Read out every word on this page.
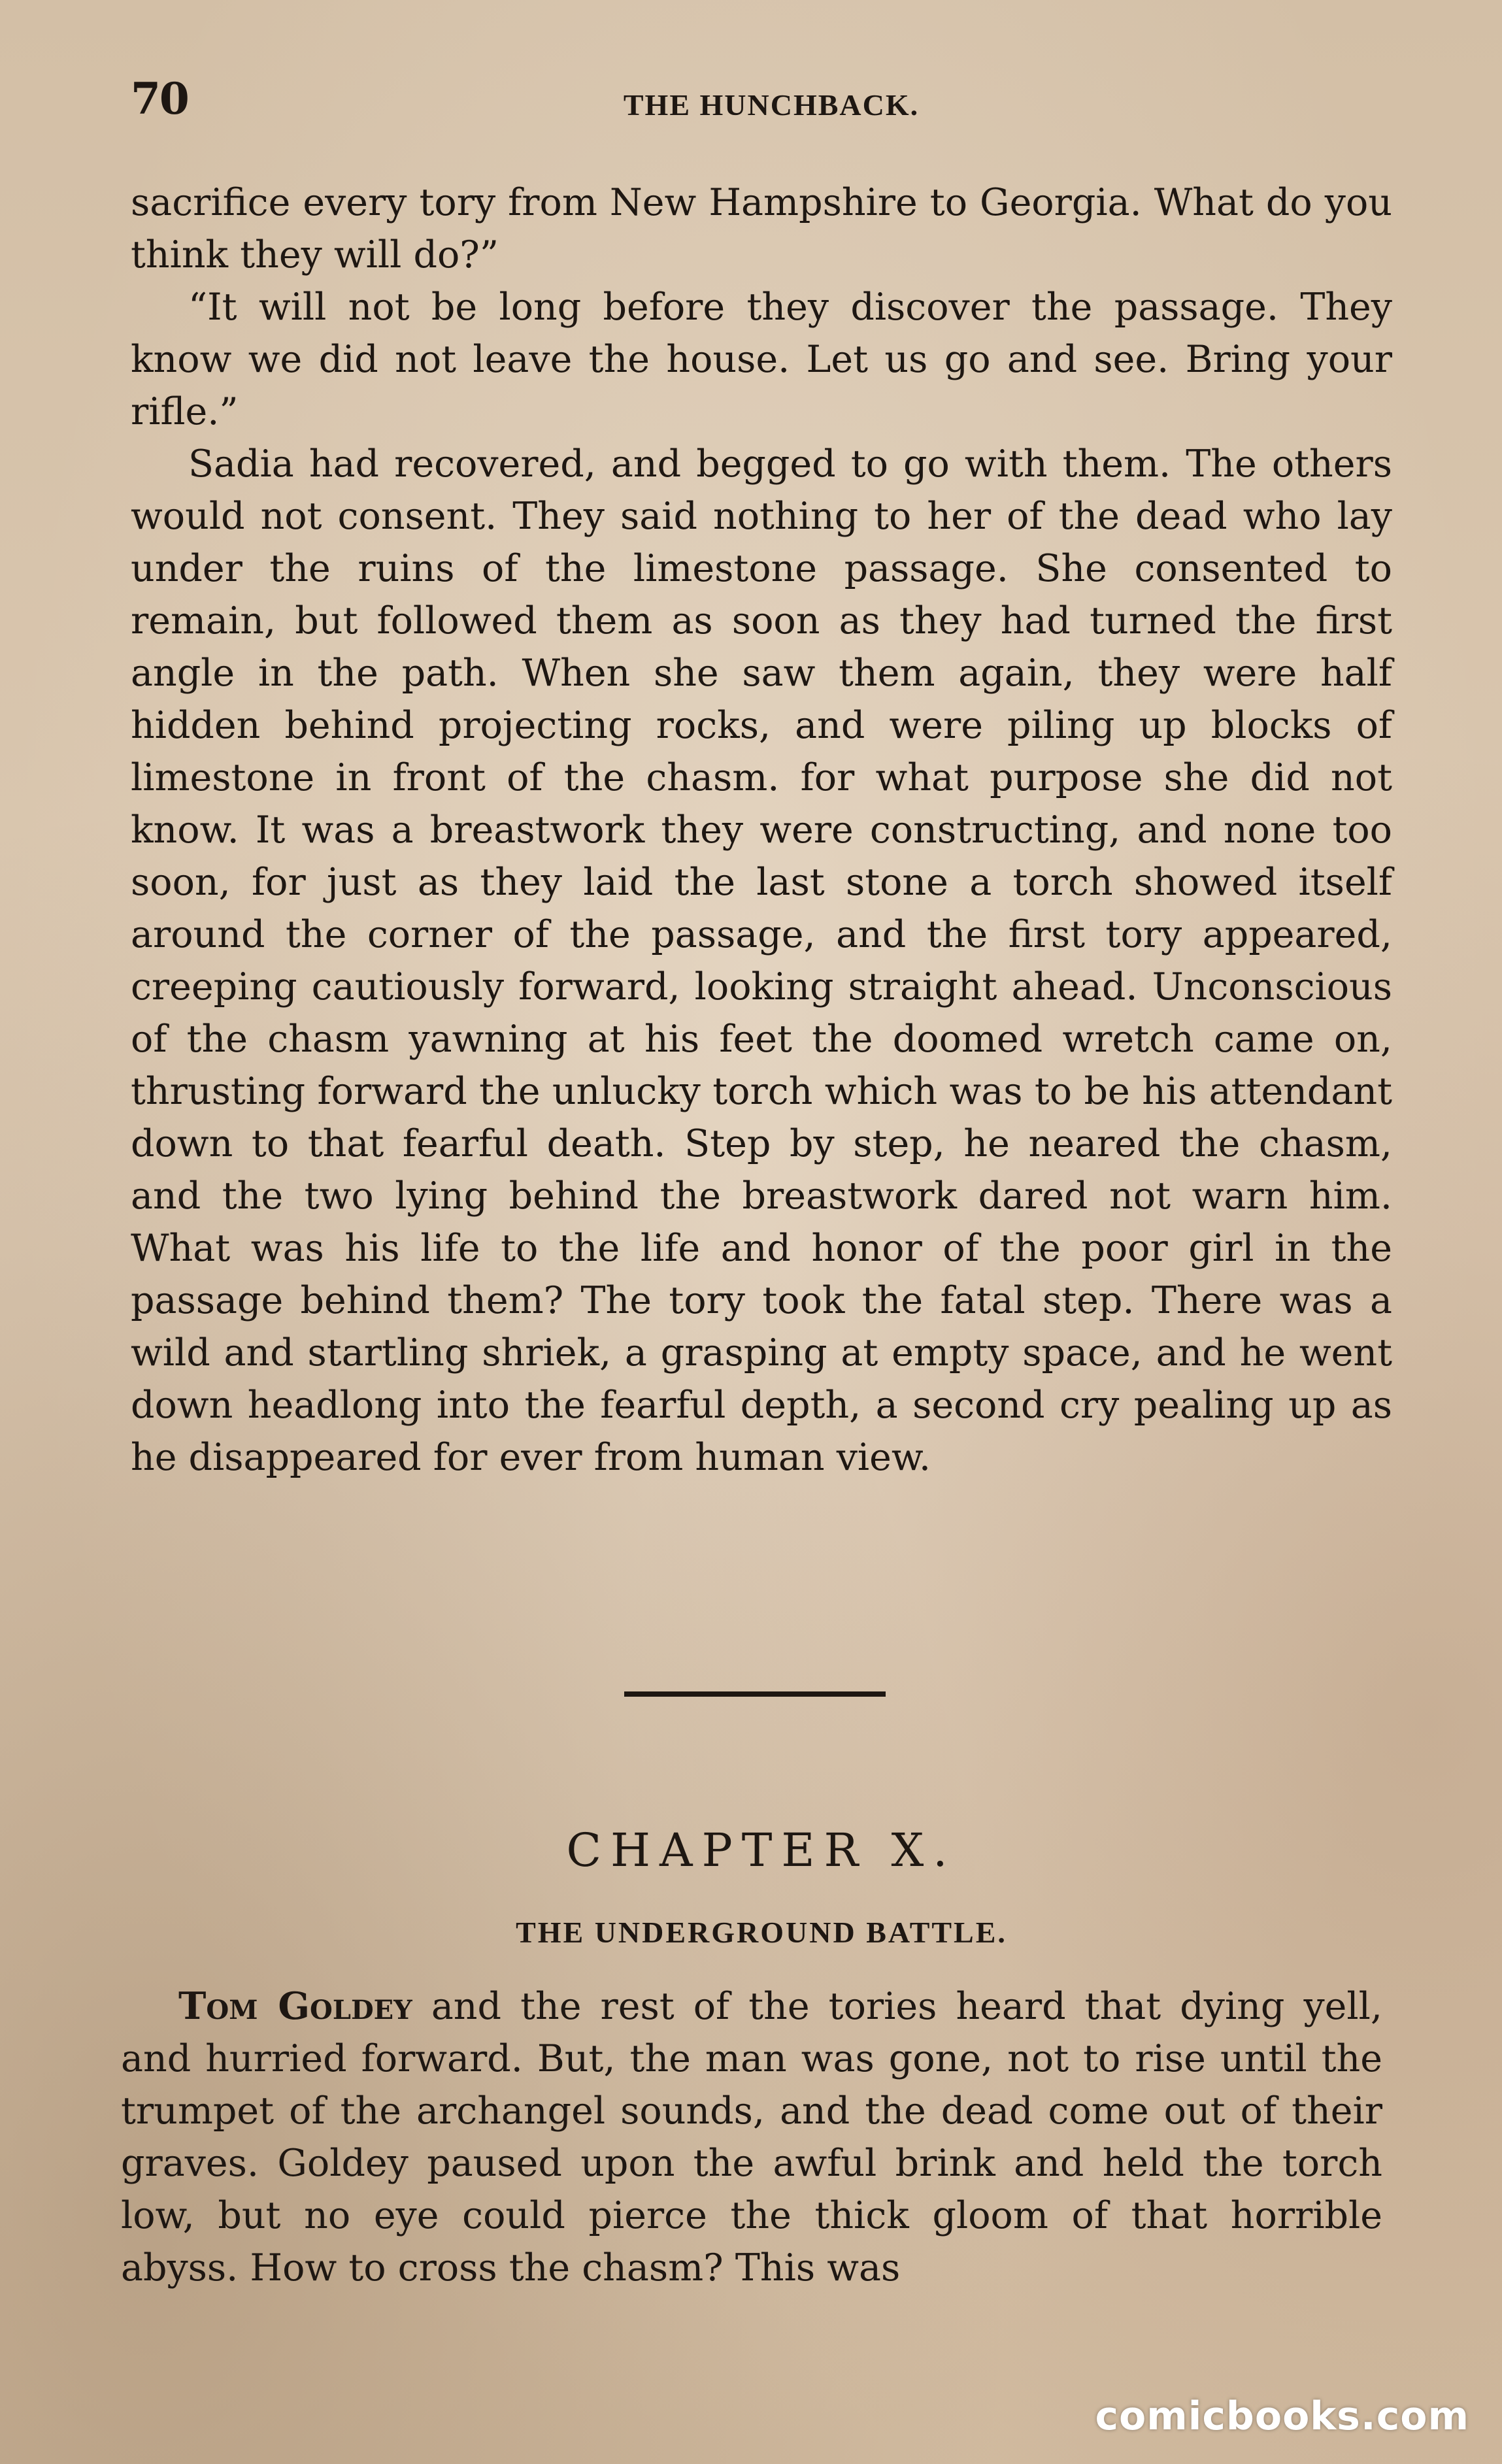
70	THE HUNCHBACK.

sacrifice every tory from New Hampshire to Georgia. What do you think they will do?”

“It will not be long before they discover the passage. They know we did not leave the house. Let us go and see. Bring your rifle.”

Sadia had recovered, and begged to go with them. The others would not consent. They said nothing to her of the dead who lay under the ruins of the limestone passage. She consented to remain, but followed them as soon as they had turned the first angle in the path. When she saw them again, they were half hidden behind projecting rocks, and were piling up blocks of limestone in front of the chasm. for what purpose she did not know. It was a breastwork they were constructing, and none too soon, for just as they laid the last stone a torch showed itself around the corner of the passage, and the first tory appeared, creeping cautiously forward, looking straight ahead. Unconscious of the chasm yawning at his feet the doomed wretch came on, thrusting forward the unlucky torch which was to be his attendant down to that fearful death. Step by step, he neared the chasm, and the two lying behind the breastwork dared not warn him. What was his life to the life and honor of the poor girl in the passage behind them? The tory took the fatal step. There was a wild and startling shriek, a grasping at empty space, and he went down headlong into the fearful depth, a second cry pealing up as he disappeared for ever from human view.

CHAPTER X.
THE UNDERGROUND BATTLE.

Tom Goldey and the rest of the tories heard that dying yell, and hurried forward. But, the man was gone, not to rise until the trumpet of the archangel sounds, and the dead come out of their graves. Goldey paused upon the awful brink and held the torch low, but no eye could pierce the thick gloom of that horrible abyss. How to cross the chasm? This was

comicbooks.com
